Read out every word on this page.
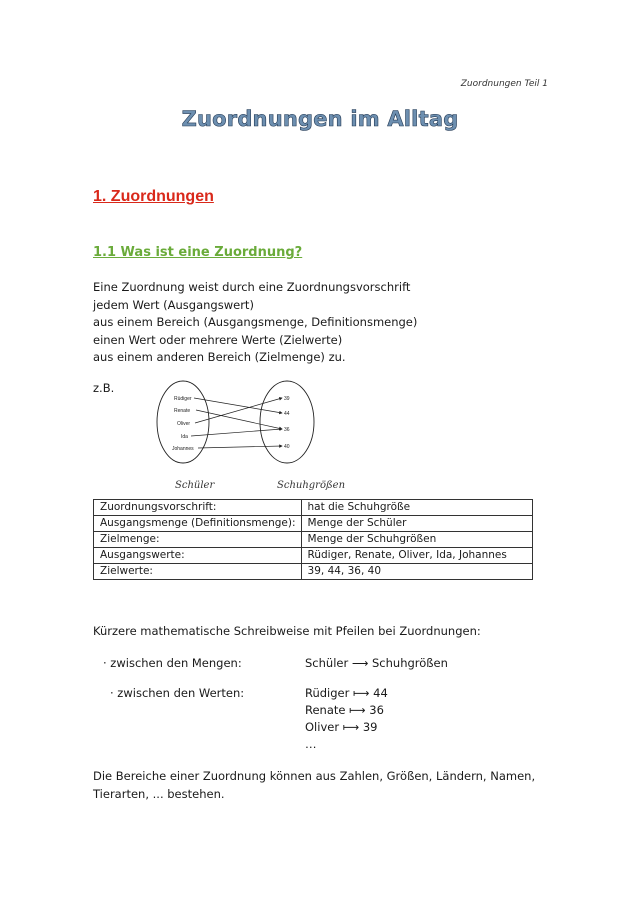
Zuordnungen Teil 1
Zuordnungen im Alltag
1. Zuordnungen
1.1 Was ist eine Zuordnung?
Eine Zuordnung weist durch eine Zuordnungsvorschrift
jedem Wert (Ausgangswert)
aus einem Bereich (Ausgangsmenge, Definitionsmenge)
einen Wert oder mehrere Werte (Zielwerte)
aus einem anderen Bereich (Zielmenge) zu.
z.B.
Rüdiger
Renate
Oliver
Ida
Johannes
39
44
36
40
Schüler	Schuhgrößen
Zuordnungsvorschrift:	hat die Schuhgröße
Ausgangsmenge (Definitionsmenge):	Menge der Schüler
Zielmenge:	Menge der Schuhgrößen
Ausgangswerte:	Rüdiger, Renate, Oliver, Ida, Johannes
Zielwerte:	39, 44, 36, 40
Kürzere mathematische Schreibweise mit Pfeilen bei Zuordnungen:
· zwischen den Mengen:	Schüler ⟶ Schuhgrößen
· zwischen den Werten:	Rüdiger ⟼ 44
Renate ⟼ 36
Oliver ⟼ 39
…
Die Bereiche einer Zuordnung können aus Zahlen, Größen, Ländern, Namen,
Tierarten, ... bestehen.
